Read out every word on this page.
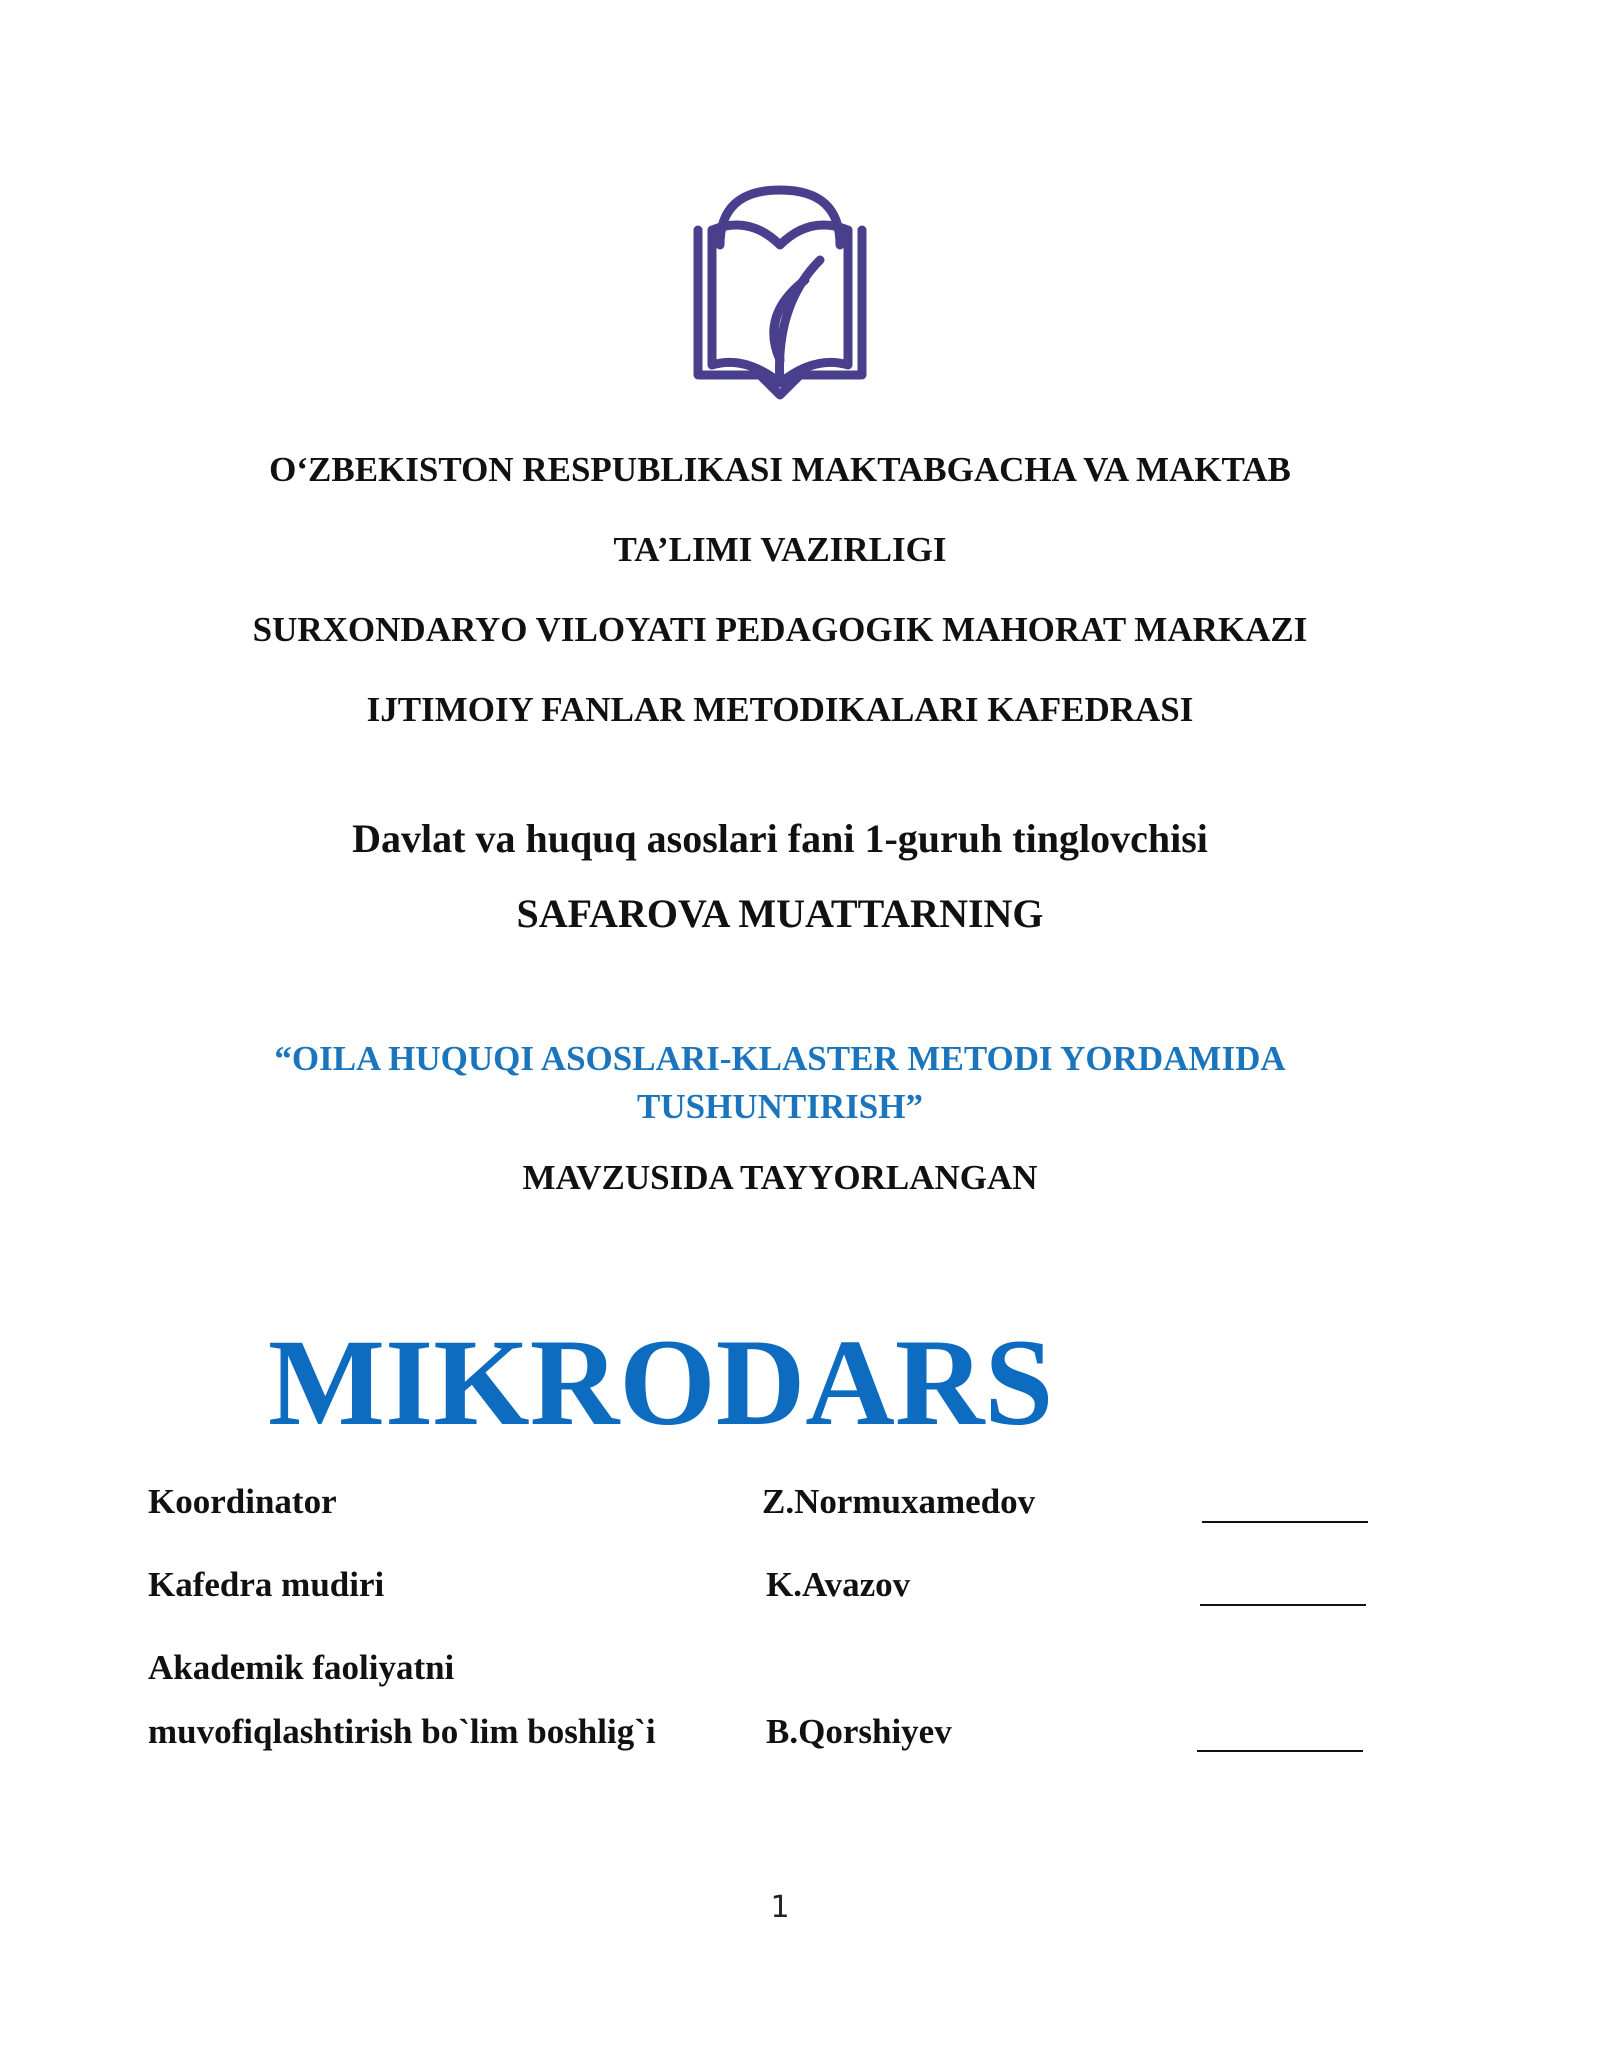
O‘ZBEKISTON RESPUBLIKASI MAKTABGACHA VA MAKTAB
TA’LIMI VAZIRLIGI
SURXONDARYO VILOYATI PEDAGOGIK MAHORAT MARKAZI
IJTIMOIY FANLAR METODIKALARI KAFEDRASI
Davlat va huquq asoslari fani 1-guruh tinglovchisi
SAFAROVA MUATTARNING
“OILA HUQUQI ASOSLARI-KLASTER METODI YORDAMIDA
TUSHUNTIRISH”
MAVZUSIDA TAYYORLANGAN
MIKRODARS
Koordinator	Z.Normuxamedov
Kafedra mudiri	K.Avazov
Akademik faoliyatni
muvofiqlashtirish bo`lim boshlig`i	B.Qorshiyev
1
